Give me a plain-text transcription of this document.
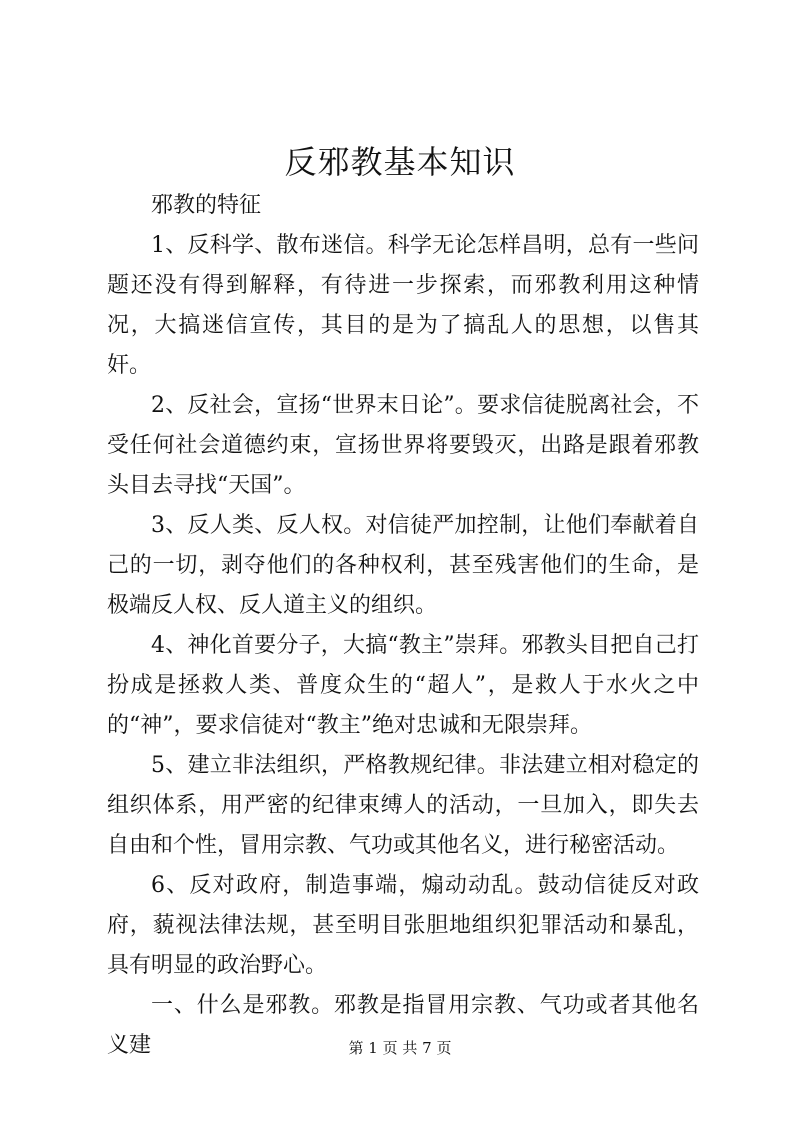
反邪教基本知识

邪教的特征

1、反科学、散布迷信。科学无论怎样昌明，总有一些问题还没有得到解释，有待进一步探索，而邪教利用这种情况，大搞迷信宣传，其目的是为了搞乱人的思想，以售其奸。

2、反社会，宣扬“世界末日论”。要求信徒脱离社会，不受任何社会道德约束，宣扬世界将要毁灭，出路是跟着邪教头目去寻找“天国”。

3、反人类、反人权。对信徒严加控制，让他们奉献着自己的一切，剥夺他们的各种权利，甚至残害他们的生命，是极端反人权、反人道主义的组织。

4、神化首要分子，大搞“教主”崇拜。邪教头目把自己打扮成是拯救人类、普度众生的“超人”，是救人于水火之中的“神”，要求信徒对“教主”绝对忠诚和无限崇拜。

5、建立非法组织，严格教规纪律。非法建立相对稳定的组织体系，用严密的纪律束缚人的活动，一旦加入，即失去自由和个性，冒用宗教、气功或其他名义，进行秘密活动。

6、反对政府，制造事端，煽动动乱。鼓动信徒反对政府，藐视法律法规，甚至明目张胆地组织犯罪活动和暴乱，具有明显的政治野心。

一、什么是邪教。邪教是指冒用宗教、气功或者其他名义建	第 1 页 共 7 页
